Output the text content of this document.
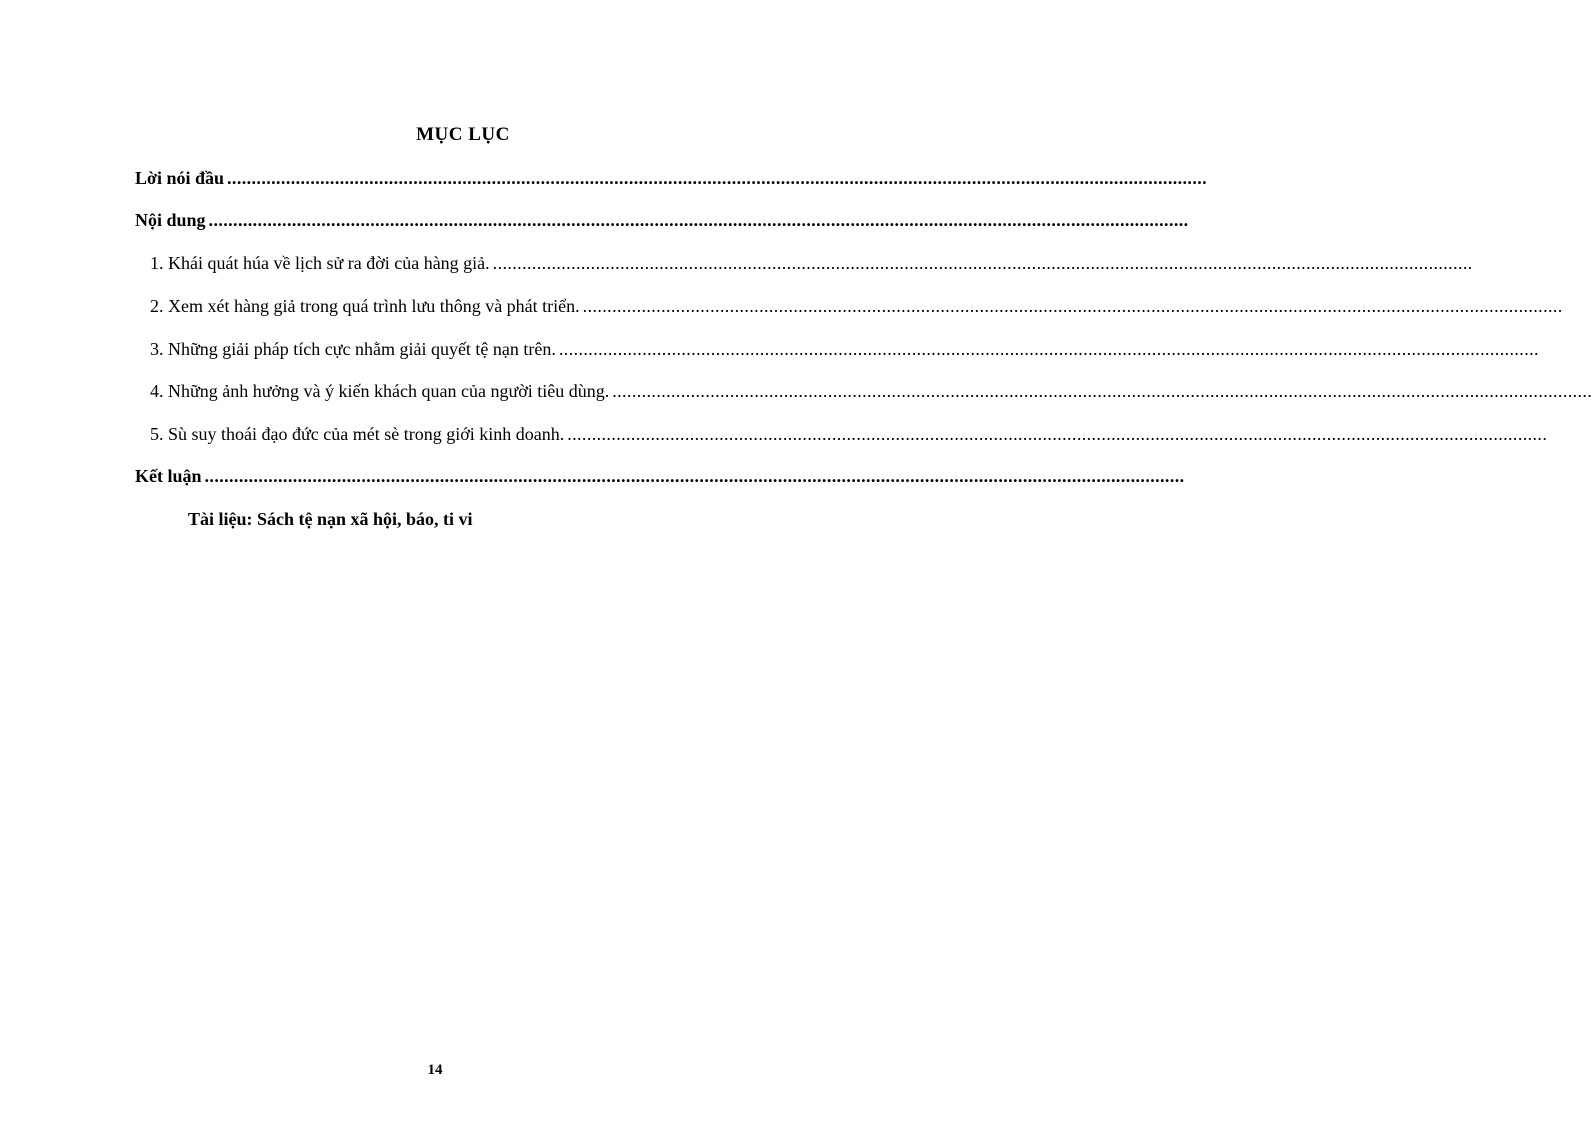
MỤC LỤC
Lời nói đầu ........................................................................................................................................................................................................
Nội dung ........................................................................................................................................................................................................
1. Khái quát húa về lịch sử ra đời của hàng giả. ........................................................................................................................................................................................................
2. Xem xét hàng giả trong quá trình lưu thông và phát triển. ........................................................................................................................................................................................................
3. Những giải pháp tích cực nhằm giải quyết tệ nạn trên. ........................................................................................................................................................................................................
4. Những ảnh hưởng và ý kiến khách quan của người tiêu dùng. ........................................................................................................................................................................................................
5. Sù suy thoái đạo đức của mét sè trong giới kinh doanh. ........................................................................................................................................................................................................
Kết luận ........................................................................................................................................................................................................
Tài liệu: Sách tệ nạn xã hội, báo, ti vi
14
